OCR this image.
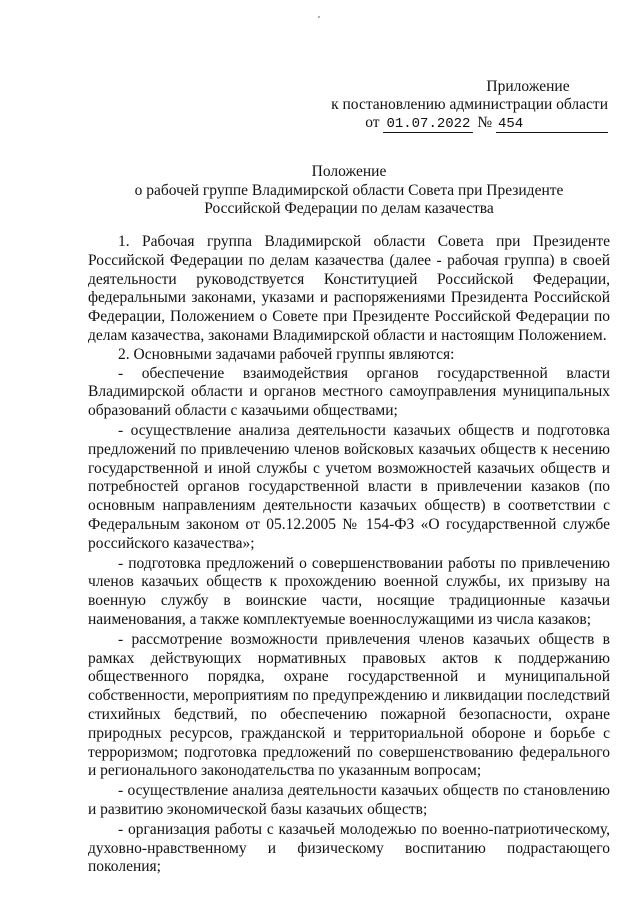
Приложение
к постановлению администрации области
от 01.07.2022 № 454
Положение
о рабочей группе Владимирской области Совета при Президенте
Российской Федерации по делам казачества

1. Рабочая группа Владимирской области Совета при Президенте Российской Федерации по делам казачества (далее - рабочая группа) в своей деятельности руководствуется Конституцией Российской Федерации, федеральными законами, указами и распоряжениями Президента Российской Федерации, Положением о Совете при Президенте Российской Федерации по делам казачества, законами Владимирской области и настоящим Положением.

2. Основными задачами рабочей группы являются:

- обеспечение взаимодействия органов государственной власти Владимирской области и органов местного самоуправления муниципальных образований области с казачьими обществами;

- осуществление анализа деятельности казачьих обществ и подготовка предложений по привлечению членов войсковых казачьих обществ к несению государственной и иной службы с учетом возможностей казачьих обществ и потребностей органов государственной власти в привлечении казаков (по основным направлениям деятельности казачьих обществ) в соответствии с Федеральным законом от 05.12.2005 № 154-ФЗ «О государственной службе российского казачества»;

- подготовка предложений о совершенствовании работы по привлечению членов казачьих обществ к прохождению военной службы, их призыву на военную службу в воинские части, носящие традиционные казачьи наименования, а также комплектуемые военнослужащими из числа казаков;

- рассмотрение возможности привлечения членов казачьих обществ в рамках действующих нормативных правовых актов к поддержанию общественного порядка, охране государственной и муниципальной собственности, мероприятиям по предупреждению и ликвидации последствий стихийных бедствий, по обеспечению пожарной безопасности, охране природных ресурсов, гражданской и территориальной обороне и борьбе с терроризмом; подготовка предложений по совершенствованию федерального и регионального законодательства по указанным вопросам;

- осуществление анализа деятельности казачьих обществ по становлению и развитию экономической базы казачьих обществ;

- организация работы с казачьей молодежью по военно-патриотическому, духовно-нравственному и физическому воспитанию подрастающего поколения;
